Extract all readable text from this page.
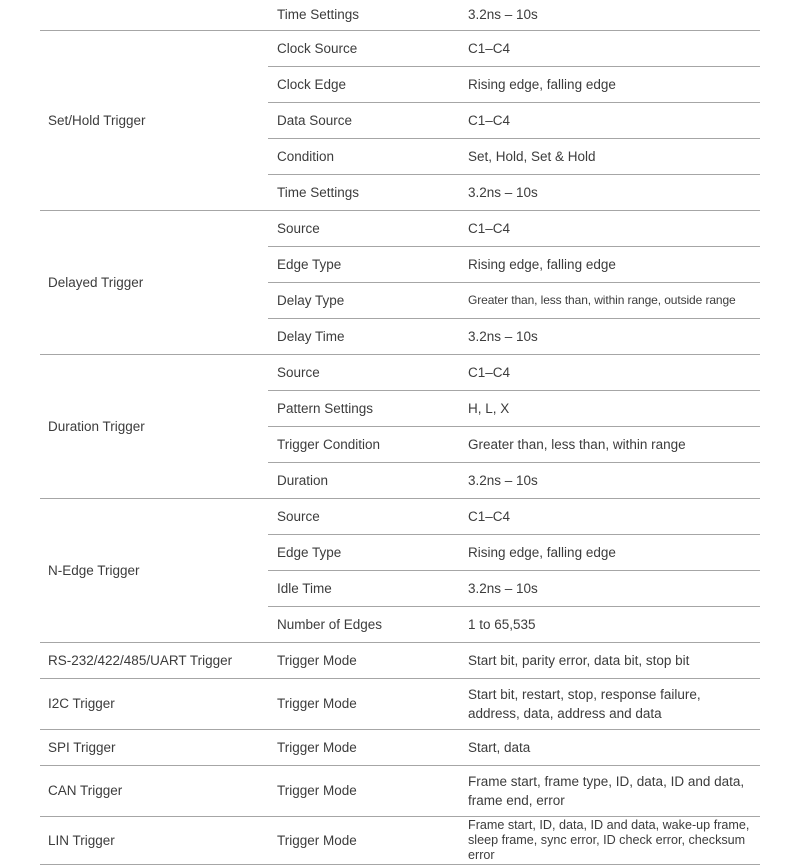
	Time Settings	3.2ns – 10s
Set/Hold Trigger	Clock Source	C1–C4
	Clock Edge	Rising edge, falling edge
	Data Source	C1–C4
	Condition	Set, Hold, Set & Hold
	Time Settings	3.2ns – 10s
Delayed Trigger	Source	C1–C4
	Edge Type	Rising edge, falling edge
	Delay Type	Greater than, less than, within range, outside range
	Delay Time	3.2ns – 10s
Duration Trigger	Source	C1–C4
	Pattern Settings	H, L, X
	Trigger Condition	Greater than, less than, within range
	Duration	3.2ns – 10s
N-Edge Trigger	Source	C1–C4
	Edge Type	Rising edge, falling edge
	Idle Time	3.2ns – 10s
	Number of Edges	1 to 65,535
RS-232/422/485/UART Trigger	Trigger Mode	Start bit, parity error, data bit, stop bit
I2C Trigger	Trigger Mode	Start bit, restart, stop, response failure, address, data, address and data
SPI Trigger	Trigger Mode	Start, data
CAN Trigger	Trigger Mode	Frame start, frame type, ID, data, ID and data, frame end, error
LIN Trigger	Trigger Mode	Frame start, ID, data, ID and data, wake-up frame, sleep frame, sync error, ID check error, checksum error
